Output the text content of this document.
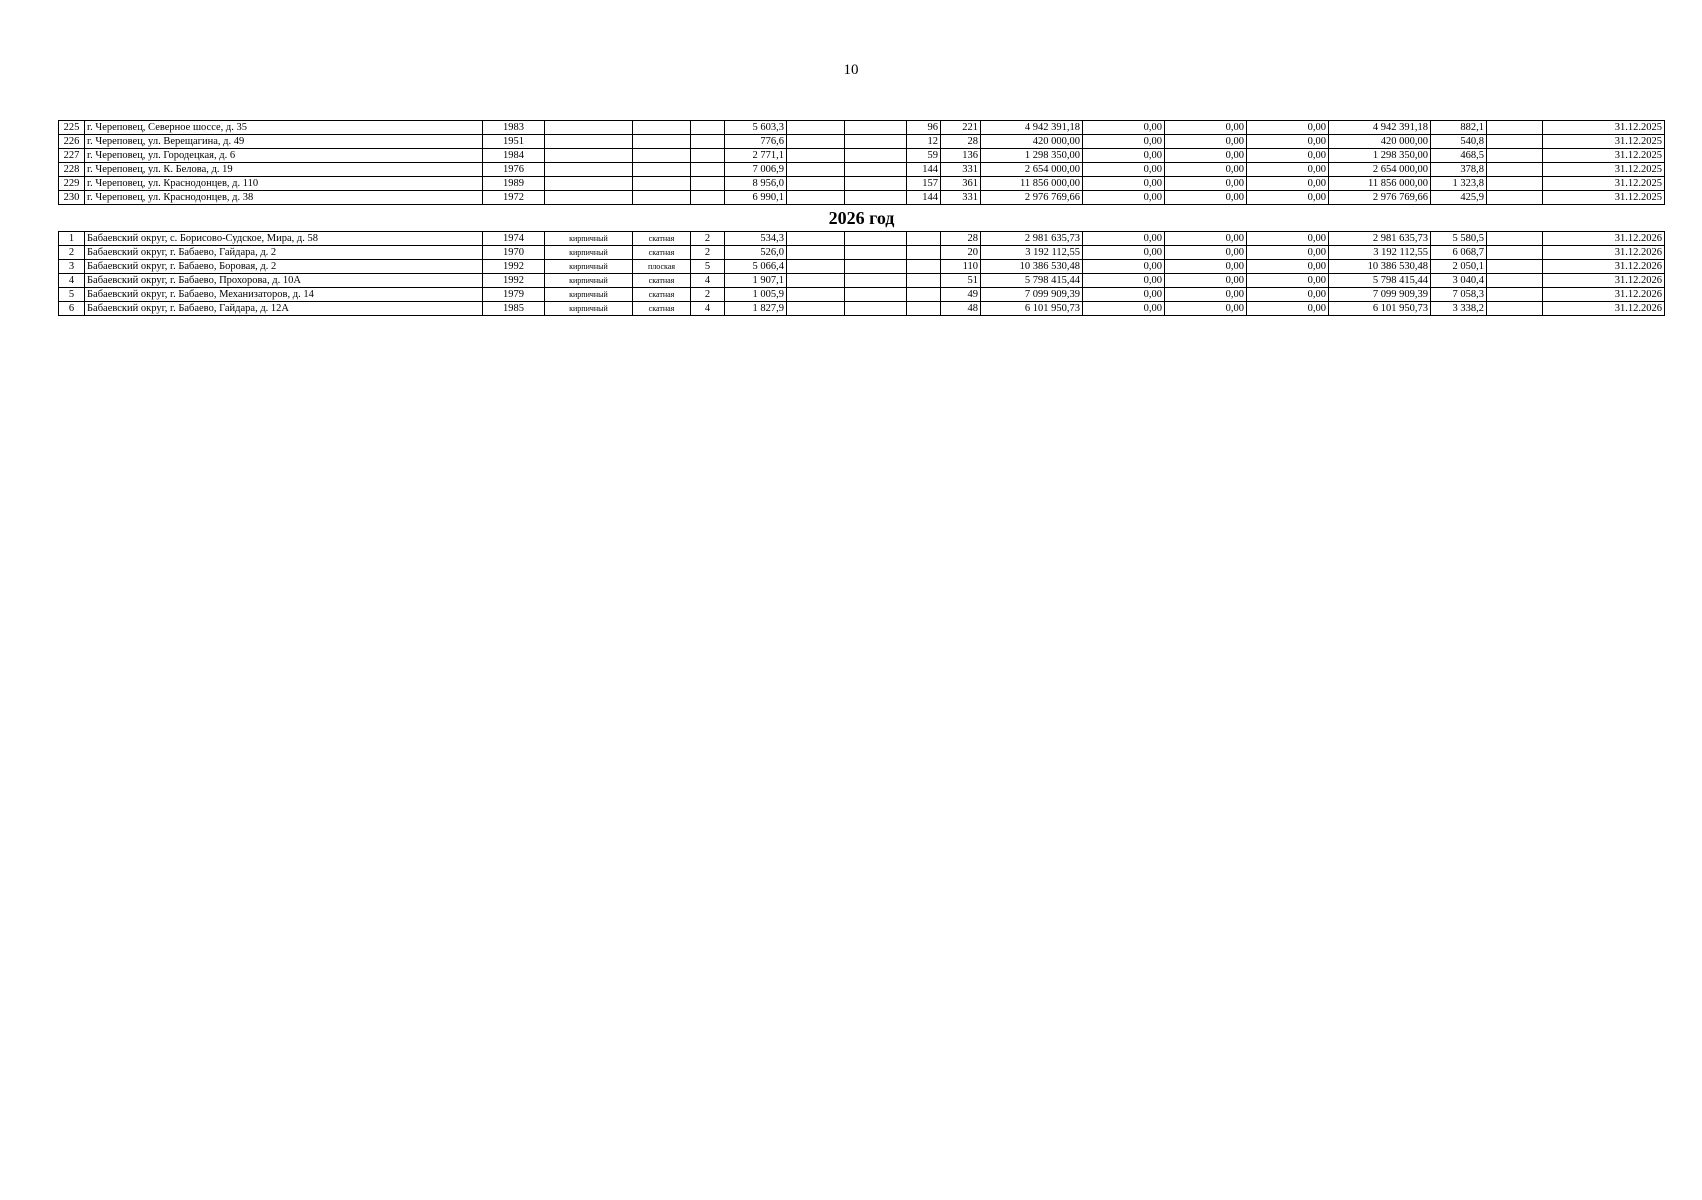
10
225	г. Череповец, Северное шоссе, д. 35	1983				5 603,3			96	221	4 942 391,18	0,00	0,00	0,00	4 942 391,18	882,1		31.12.2025
226	г. Череповец, ул. Верещагина, д. 49	1951				776,6			12	28	420 000,00	0,00	0,00	0,00	420 000,00	540,8		31.12.2025
227	г. Череповец, ул. Городецкая, д. 6	1984				2 771,1			59	136	1 298 350,00	0,00	0,00	0,00	1 298 350,00	468,5		31.12.2025
228	г. Череповец, ул. К. Белова, д. 19	1976				7 006,9			144	331	2 654 000,00	0,00	0,00	0,00	2 654 000,00	378,8		31.12.2025
229	г. Череповец, ул. Краснодонцев, д. 110	1989				8 956,0			157	361	11 856 000,00	0,00	0,00	0,00	11 856 000,00	1 323,8		31.12.2025
230	г. Череповец, ул. Краснодонцев, д. 38	1972				6 990,1			144	331	2 976 769,66	0,00	0,00	0,00	2 976 769,66	425,9		31.12.2025
2026 год																		
1	Бабаевский округ, с. Борисово-Судское, Мира, д. 58	1974	кирпичный	скатная	2	534,3				28	2 981 635,73	0,00	0,00	0,00	2 981 635,73	5 580,5		31.12.2026
2	Бабаевский округ, г. Бабаево, Гайдара, д. 2	1970	кирпичный	скатная	2	526,0				20	3 192 112,55	0,00	0,00	0,00	3 192 112,55	6 068,7		31.12.2026
3	Бабаевский округ, г. Бабаево, Боровая, д. 2	1992	кирпичный	плоская	5	5 066,4				110	10 386 530,48	0,00	0,00	0,00	10 386 530,48	2 050,1		31.12.2026
4	Бабаевский округ, г. Бабаево, Прохорова, д. 10А	1992	кирпичный	скатная	4	1 907,1				51	5 798 415,44	0,00	0,00	0,00	5 798 415,44	3 040,4		31.12.2026
5	Бабаевский округ, г. Бабаево, Механизаторов, д. 14	1979	кирпичный	скатная	2	1 005,9				49	7 099 909,39	0,00	0,00	0,00	7 099 909,39	7 058,3		31.12.2026
6	Бабаевский округ, г. Бабаево, Гайдара, д. 12А	1985	кирпичный	скатная	4	1 827,9				48	6 101 950,73	0,00	0,00	0,00	6 101 950,73	3 338,2		31.12.2026
